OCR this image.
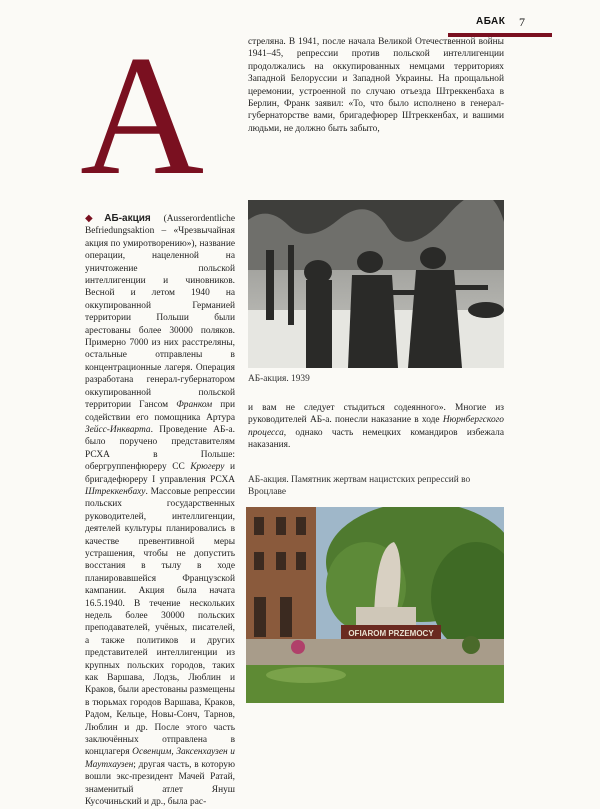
АБАК 7
А

◆АБ-акция (Ausserordentliche Befriedungsaktion – «Чрезвычайная акция по умиротворению»), название операции, нацеленной на уничтожение польской интеллигенции и чиновников. Весной и летом 1940 на оккупированной Германией территории Польши были арестованы более 30000 поляков. Примерно 7000 из них расстреляны, остальные отправлены в концентрационные лагеря. Операция разработана генерал-губернатором оккупированной польской территории Гансом Франком при содействии его помощника Артура Зейсс-Инкварта. Проведение АБ-а. было поручено представителям РСХА в Польше: обергруппенфюреру СС Крюгеру и бригадефюреру I управления РСХА Штреккенбаху. Массовые репрессии польских государственных руководителей, интеллигенции, деятелей культуры планировались в качестве превентивной меры устрашения, чтобы не допустить восстания в тылу в ходе планировавшейся Французской кампании. Акция была начата 16.5.1940. В течение нескольких недель более 30000 польских преподавателей, учёных, писателей, а также политиков и других представителей интеллигенции из крупных польских городов, таких как Варшава, Лодзь, Люблин и Краков, были арестованы размещены в тюрьмах городов Варшава, Краков, Радом, Кельце, Новы-Сонч, Тарнов, Люблин и др. После этого часть заключённых отправлена в концлагеря Освенцим, Заксенхаузен и Маутхаузен; другая часть, в которую вошли экс-президент Мачей Ратай, знаменитый атлет Януш Кусочиньский и др., была рас-

стреляна. В 1941, после начала Великой Отечественной войны 1941–45, репрессии против польской интеллигенции продолжались на оккупированных немцами территориях Западной Белоруссии и Западной Украины. На прощальной церемонии, устроенной по случаю отъезда Штреккенбаха в Берлин, Франк заявил: «То, что было исполнено в генерал-губернаторстве вами, бригадефюрер Штреккенбах, и вашими людьми, не должно быть забыто,

АБ-акция. 1939

и вам не следует стыдиться содеянного». Многие из руководителей АБ-а. понесли наказание в ходе Нюрнбергского процесса, однако часть немецких командиров избежала наказания.

АБ-акция. Памятник жертвам нацистских репрессий во Вроцлаве
OFIAROM PRZEMOCY
